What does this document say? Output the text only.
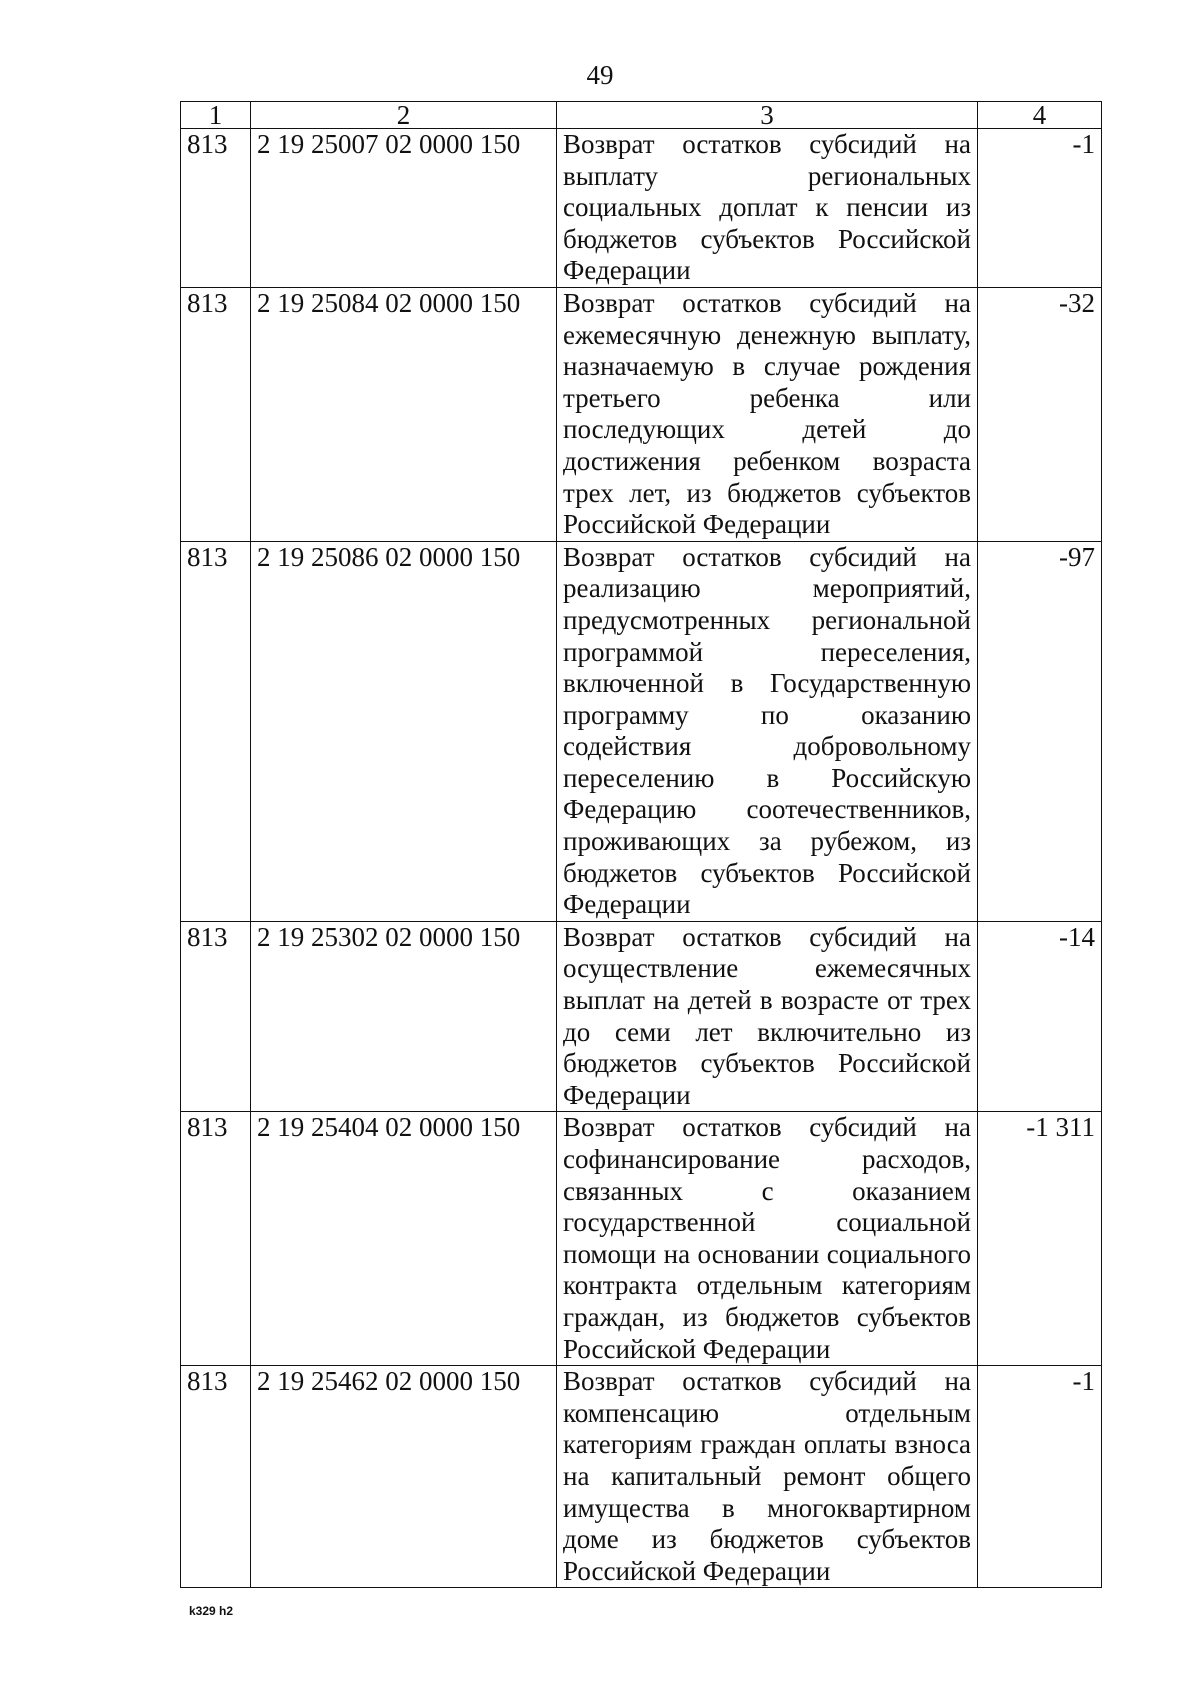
49
1	2	3	4
813	2 19 25007 02 0000 150	Возврат остатков субсидий на выплату региональных социальных доплат к пенсии из бюджетов субъектов Российской Федерации	-1
813	2 19 25084 02 0000 150	Возврат остатков субсидий на ежемесячную денежную выплату, назначаемую в случае рождения третьего ребенка или последующих детей до достижения ребенком возраста трех лет, из бюджетов субъектов Российской Федерации	-32
813	2 19 25086 02 0000 150	Возврат остатков субсидий на реализацию мероприятий, предусмотренных региональной программой переселения, включенной в Государственную программу по оказанию содействия добровольному переселению в Российскую Федерацию соотечественников, проживающих за рубежом, из бюджетов субъектов Российской Федерации	-97
813	2 19 25302 02 0000 150	Возврат остатков субсидий на осуществление ежемесячных выплат на детей в возрасте от трех до семи лет включительно из бюджетов субъектов Российской Федерации	-14
813	2 19 25404 02 0000 150	Возврат остатков субсидий на софинансирование расходов, связанных с оказанием государственной социальной помощи на основании социального контракта отдельным категориям граждан, из бюджетов субъектов Российской Федерации	-1 311
813	2 19 25462 02 0000 150	Возврат остатков субсидий на компенсацию отдельным категориям граждан оплаты взноса на капитальный ремонт общего имущества в многоквартирном доме из бюджетов субъектов Российской Федерации	-1
k329 h2
